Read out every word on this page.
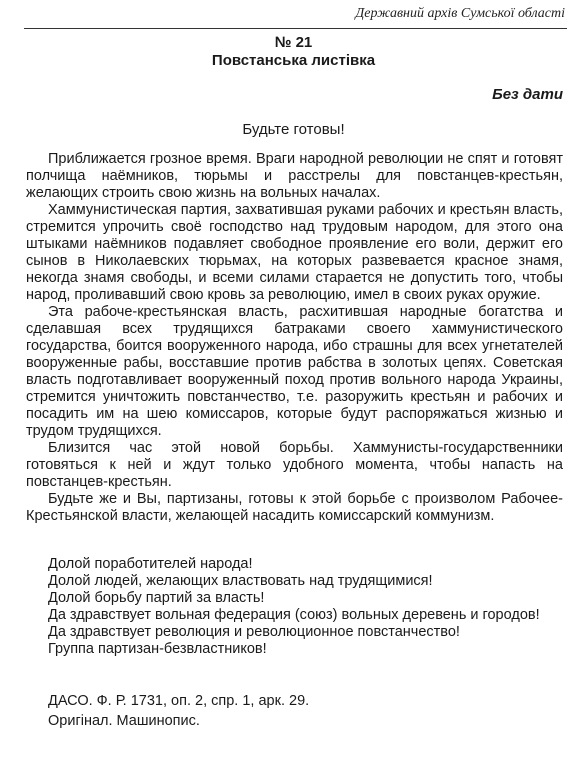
Державний архів Сумської області
№ 21
Повстанська листівка
Без дати
Будьте готовы!

Приближается грозное время. Враги народной революции не спят и готовят полчища наёмников, тюрьмы и расстрелы для повстанцев-крестьян, желающих строить свою жизнь на вольных началах.

Хаммунистическая партия, захватившая руками рабочих и крестьян власть, стремится упрочить своё господство над трудовым народом, для этого она штыками наёмников подавляет свободное проявление его воли, держит его сынов в Николаевских тюрьмах, на которых развевается красное знамя, некогда знамя свободы, и всеми силами старается не допустить того, чтобы народ, проливавший свою кровь за революцию, имел в своих руках оружие.

Эта рабоче-крестьянская власть, расхитившая народные богатства и сделавшая всех трудящихся батраками своего хаммунистического государства, боится вооруженного народа, ибо страшны для всех угнетателей вооруженные рабы, восставшие против рабства в золотых цепях. Советская власть подготавливает вооруженный поход против вольного народа Украины, стремится уничтожить повстанчество, т.е. разоружить крестьян и рабочих и посадить им на шею комиссаров, которые будут распоряжаться жизнью и трудом трудящихся.

Близится час этой новой борьбы. Хаммунисты-государственники готовяться к ней и ждут только удобного момента, чтобы напасть на повстанцев-крестьян.

Будьте же и Вы, партизаны, готовы к этой борьбе с произволом Рабочее-Крестьянской власти, желающей насадить комиссарский коммунизм.

Долой поработителей народа!

Долой людей, желающих властвовать над трудящимися!

Долой борьбу партий за власть!

Да здравствует вольная федерация (союз) вольных деревень и городов!

Да здравствует революция и революционное повстанчество!

Группа партизан-безвластников!

ДАСО. Ф. Р. 1731, оп. 2, спр. 1, арк. 29.

Оригінал. Машинопис.
